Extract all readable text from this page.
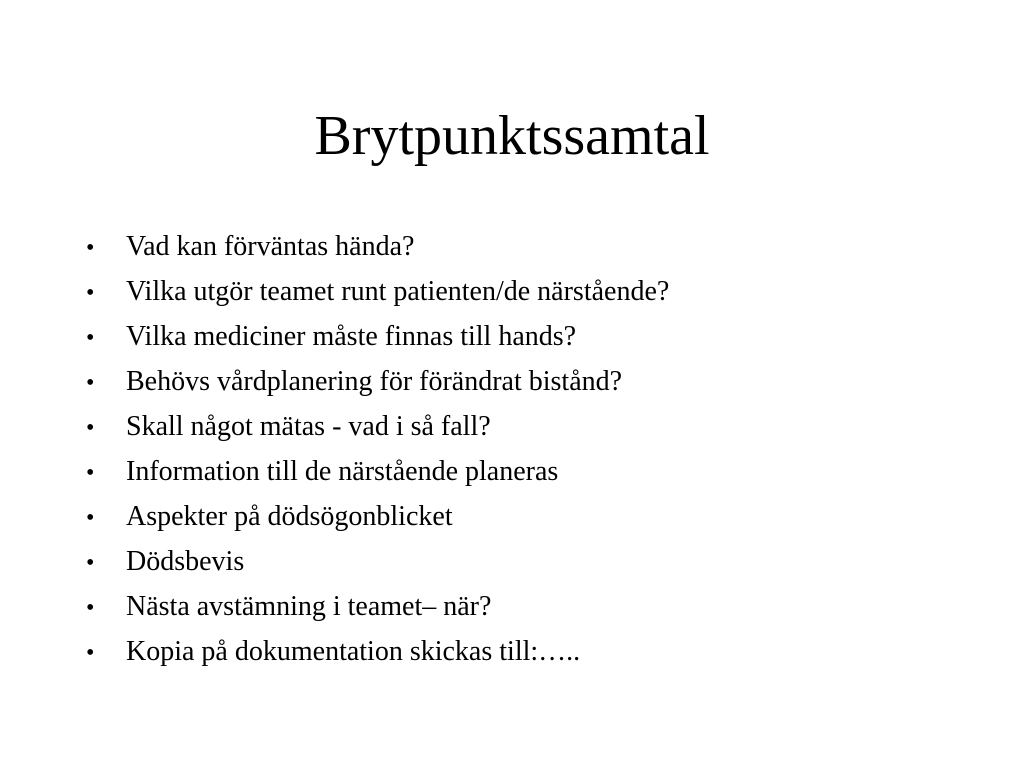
Brytpunktssamtal
•	Vad kan förväntas hända?
•	Vilka utgör teamet runt patienten/de närstående?
•	Vilka mediciner måste finnas till hands?
•	Behövs vårdplanering för förändrat bistånd?
•	Skall något mätas - vad i så fall?
•	Information till de närstående planeras
•	Aspekter på dödsögonblicket
•	Dödsbevis
•	Nästa avstämning i teamet– när?
•	Kopia på dokumentation skickas till:…..
